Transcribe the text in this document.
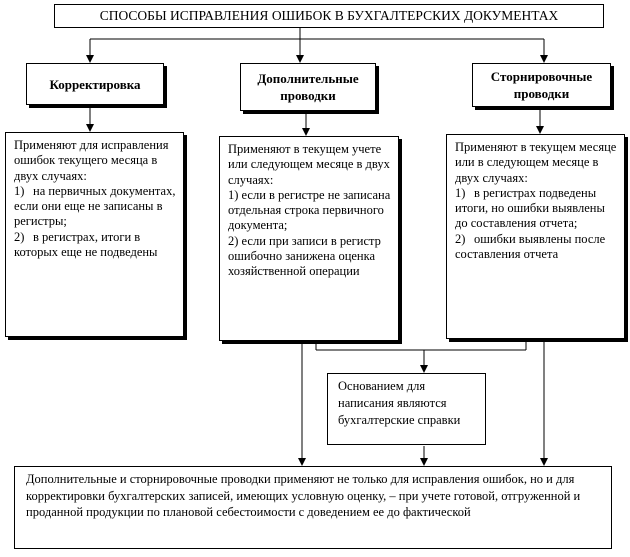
СПОСОБЫ ИСПРАВЛЕНИЯ ОШИБОК В БУХГАЛТЕРСКИХ ДОКУМЕНТАХ
Корректировка	Дополнительные проводки
Сторнировочные проводки
Применяют для исправления ошибок текущего месяца в двух случаях:
1) на первичных документах, если они еще не записаны в регистры;
2) в регистрах, итоги в которых еще не подведены
Применяют в текущем учете или следующем месяце в двух случаях:
1) если в регистре не записана отдельная строка первичного документа;
2) если при записи в регистр ошибочно занижена оценка хозяйственной операции
Применяют в текущем месяце или в следующем месяце в двух случаях:
1) в регистрах подведены итоги, но ошибки выявлены до составления отчета;
2) ошибки выявлены после составления отчета
Основанием для написания являются бухгалтерские справки
Дополнительные и сторнировочные проводки применяют не только для исправления ошибок, но и для корректировки бухгалтерских записей, имеющих условную оценку, – при учете готовой, отгруженной и проданной продукции по плановой себестоимости с доведением ее до фактической
